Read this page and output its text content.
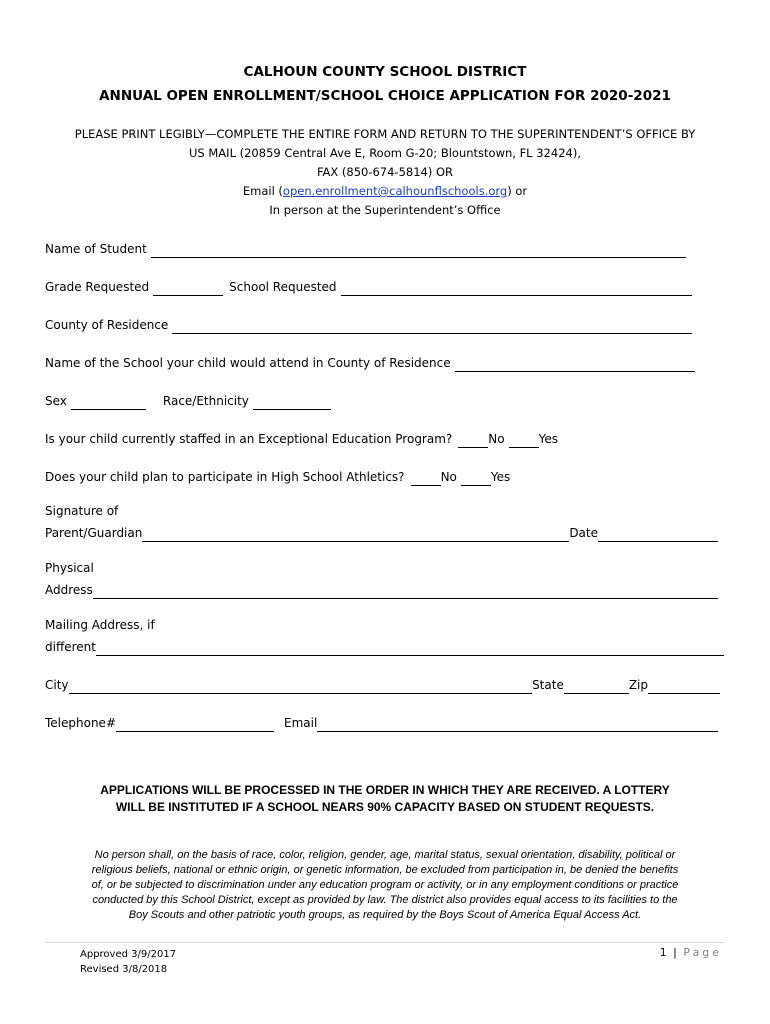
CALHOUN COUNTY SCHOOL DISTRICT
ANNUAL OPEN ENROLLMENT/SCHOOL CHOICE APPLICATION FOR 2020-2021
PLEASE PRINT LEGIBLY—COMPLETE THE ENTIRE FORM AND RETURN TO THE SUPERINTENDENT’S OFFICE BY
US MAIL (20859 Central Ave E, Room G-20; Blountstown, FL 32424),
FAX (850-674-5814) OR
Email (open.enrollment@calhounflschools.org) or
In person at the Superintendent’s Office
Name of Student
Grade Requested	School Requested
County of Residence
Name of the School your child would attend in County of Residence
Sex	Race/Ethnicity
Is your child currently staffed in an Exceptional Education Program?	No	Yes
Does your child plan to participate in High School Athletics?	No	Yes
Signature of
Parent/Guardian	Date
Physical
Address
Mailing Address, if
different
City	State	Zip
Telephone#	Email
APPLICATIONS WILL BE PROCESSED IN THE ORDER IN WHICH THEY ARE RECEIVED. A LOTTERY
WILL BE INSTITUTED IF A SCHOOL NEARS 90% CAPACITY BASED ON STUDENT REQUESTS.
No person shall, on the basis of race, color, religion, gender, age, marital status, sexual orientation, disability, political or
religious beliefs, national or ethnic origin, or genetic information, be excluded from participation in, be denied the benefits
of, or be subjected to discrimination under any education program or activity, or in any employment conditions or practice
conducted by this School District, except as provided by law. The district also provides equal access to its facilities to the
Boy Scouts and other patriotic youth groups, as required by the Boys Scout of America Equal Access Act.
Approved 3/9/2017
Revised 3/8/2018
1 | Page
